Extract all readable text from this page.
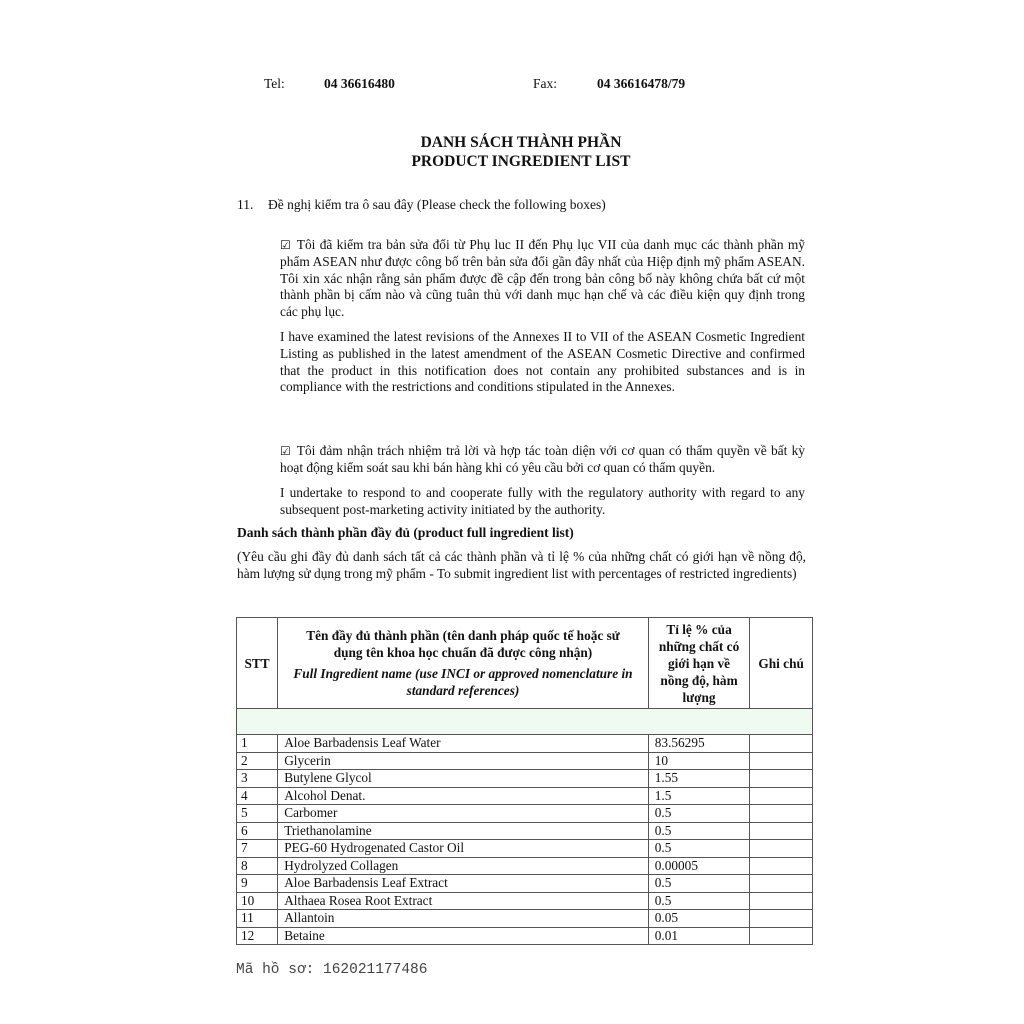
Tel:	04 36616480	Fax:	04 36616478/79
DANH SÁCH THÀNH PHẦN
PRODUCT INGREDIENT LIST
11. Đề nghị kiểm tra ô sau đây (Please check the following boxes)
☑ Tôi đã kiểm tra bản sửa đổi từ Phụ luc II đến Phụ lục VII của danh mục các thành phần mỹ phẩm ASEAN như được công bố trên bản sửa đổi gần đây nhất của Hiệp định mỹ phẩm ASEAN. Tôi xin xác nhận rằng sản phẩm được đề cập đến trong bản công bố này không chứa bất cứ một thành phần bị cấm nào và cũng tuân thủ với danh mục hạn chế và các điều kiện quy định trong các phụ lục.
I have examined the latest revisions of the Annexes II to VII of the ASEAN Cosmetic Ingredient Listing as published in the latest amendment of the ASEAN Cosmetic Directive and confirmed that the product in this notification does not contain any prohibited substances and is in compliance with the restrictions and conditions stipulated in the Annexes.
☑ Tôi đảm nhận trách nhiệm trả lời và hợp tác toàn diện với cơ quan có thẩm quyền về bất kỳ hoạt động kiểm soát sau khi bán hàng khi có yêu cầu bởi cơ quan có thẩm quyền.
I undertake to respond to and cooperate fully with the regulatory authority with regard to any subsequent post-marketing activity initiated by the authority.
Danh sách thành phần đầy đủ (product full ingredient list)
(Yêu cầu ghi đầy đủ danh sách tất cả các thành phần và tỉ lệ % của những chất có giới hạn về nồng độ, hàm lượng sử dụng trong mỹ phẩm - To submit ingredient list with percentages of restricted ingredients)
STT	Tên đầy đủ thành phần (tên danh pháp quốc tế hoặc sử dụng tên khoa học chuẩn đã được công nhận)
Full Ingredient name (use INCI or approved nomenclature in standard references)	Tỉ lệ % của những chất có giới hạn về nồng độ, hàm lượng	Ghi chú

1	Aloe Barbadensis Leaf Water	83.56295	
2	Glycerin	10	
3	Butylene Glycol	1.55	
4	Alcohol Denat.	1.5	
5	Carbomer	0.5	
6	Triethanolamine	0.5	
7	PEG-60 Hydrogenated Castor Oil	0.5	
8	Hydrolyzed Collagen	0.00005	
9	Aloe Barbadensis Leaf Extract	0.5	
10	Althaea Rosea Root Extract	0.5	
11	Allantoin	0.05	
12	Betaine	0.01	
Mã hồ sơ: 162021177486
